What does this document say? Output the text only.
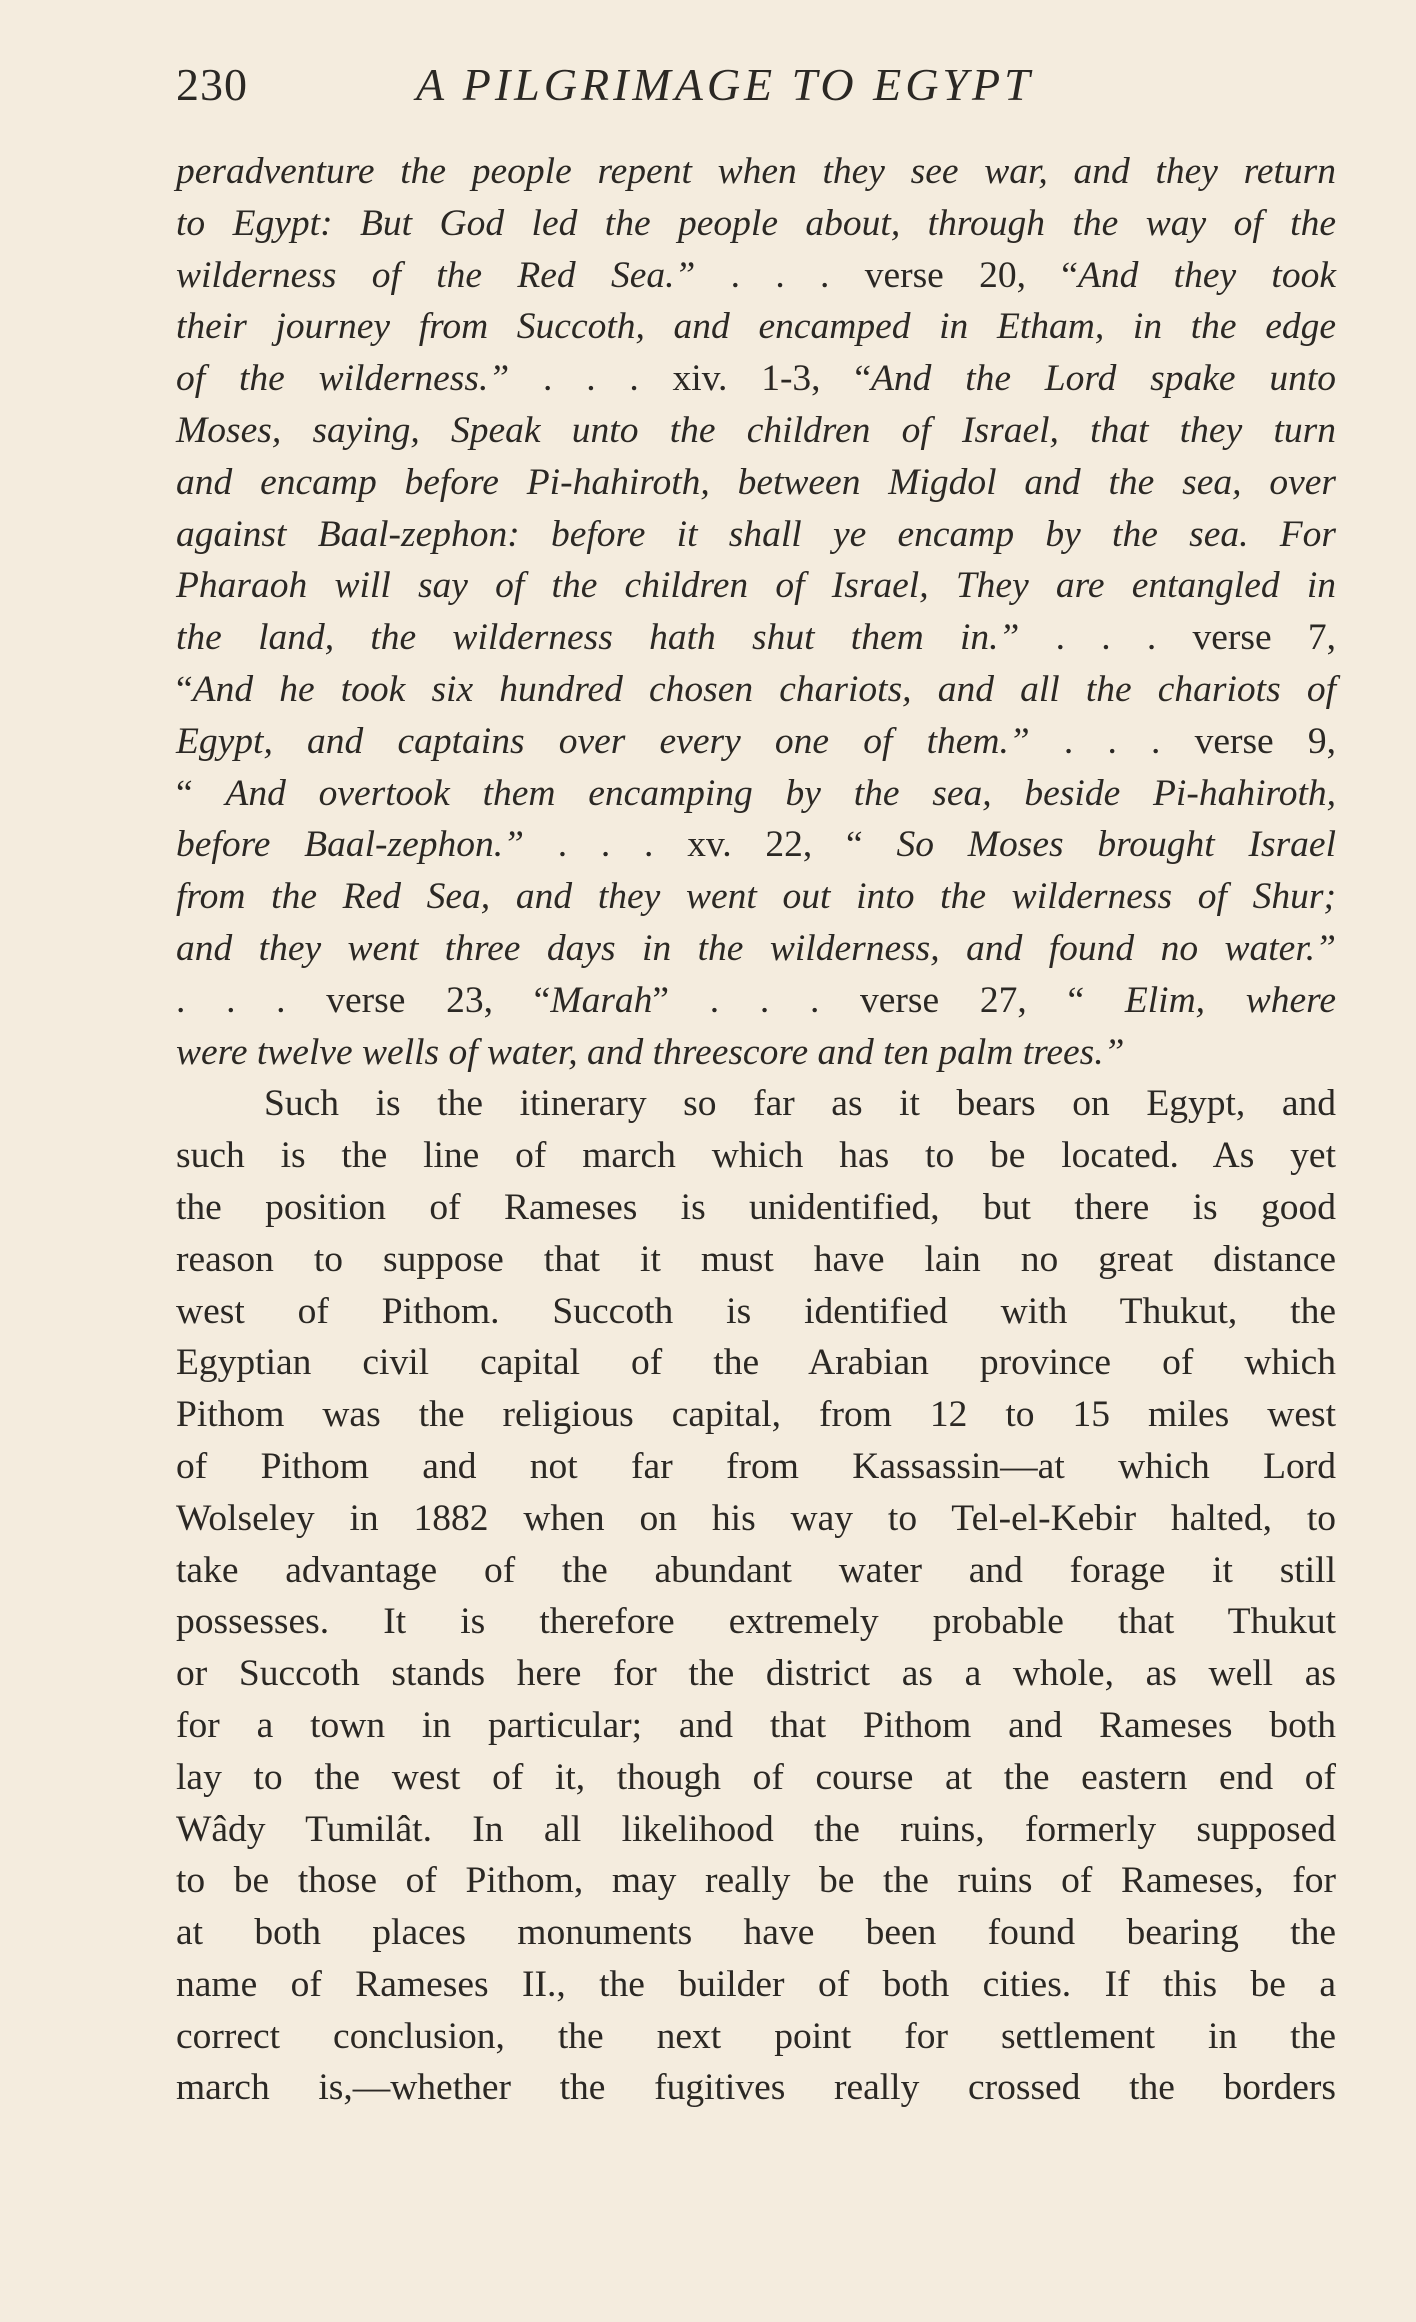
230	A PILGRIMAGE TO EGYPT
peradventure the people repent when they see war, and they return
to Egypt: But God led the people about, through the way of the
wilderness of the Red Sea.” . . . verse 20, “And they took
their journey from Succoth, and encamped in Etham, in the edge
of the wilderness.” . . . xiv. 1-3, “And the Lord spake unto
Moses, saying, Speak unto the children of Israel, that they turn
and encamp before Pi-hahiroth, between Migdol and the sea, over
against Baal-zephon: before it shall ye encamp by the sea. For
Pharaoh will say of the children of Israel, They are entangled in
the land, the wilderness hath shut them in.” . . . verse 7,
“And he took six hundred chosen chariots, and all the chariots of
Egypt, and captains over every one of them.” . . . verse 9,
“ And overtook them encamping by the sea, beside Pi-hahiroth,
before Baal-zephon.” . . . xv. 22, “ So Moses brought Israel
from the Red Sea, and they went out into the wilderness of Shur;
and they went three days in the wilderness, and found no water.”
. . . verse 23, “Marah” . . . verse 27, “ Elim, where
were twelve wells of water, and threescore and ten palm trees.”
Such is the itinerary so far as it bears on Egypt, and
such is the line of march which has to be located. As yet
the position of Rameses is unidentified, but there is good
reason to suppose that it must have lain no great distance
west of Pithom. Succoth is identified with Thukut, the
Egyptian civil capital of the Arabian province of which
Pithom was the religious capital, from 12 to 15 miles west
of Pithom and not far from Kassassin—at which Lord
Wolseley in 1882 when on his way to Tel-el-Kebir halted, to
take advantage of the abundant water and forage it still
possesses. It is therefore extremely probable that Thukut
or Succoth stands here for the district as a whole, as well as
for a town in particular; and that Pithom and Rameses both
lay to the west of it, though of course at the eastern end of
Wâdy Tumilât. In all likelihood the ruins, formerly supposed
to be those of Pithom, may really be the ruins of Rameses, for
at both places monuments have been found bearing the
name of Rameses II., the builder of both cities. If this be a
correct conclusion, the next point for settlement in the
march is,—whether the fugitives really crossed the borders
